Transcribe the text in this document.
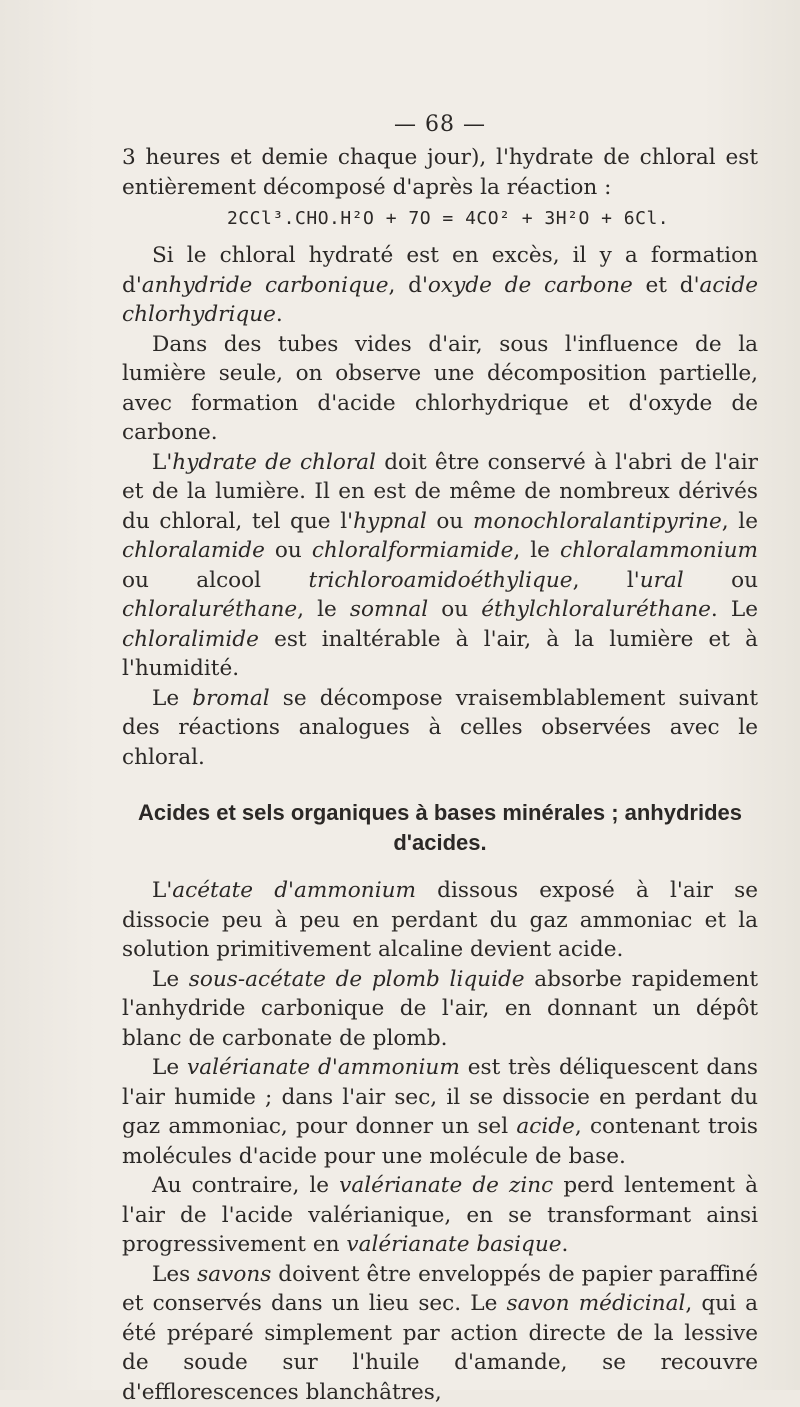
— 68 —

3 heures et demie chaque jour), l'hydrate de chloral est entièrement décomposé d'après la réaction :

2CCl³.CHO.H²O + 7O = 4CO² + 3H²O + 6Cl.

Si le chloral hydraté est en excès, il y a formation d'anhydride carbonique, d'oxyde de carbone et d'acide chlorhydrique.

Dans des tubes vides d'air, sous l'influence de la lumière seule, on observe une décomposition partielle, avec formation d'acide chlorhydrique et d'oxyde de carbone.

L'hydrate de chloral doit être conservé à l'abri de l'air et de la lumière. Il en est de même de nombreux dérivés du chloral, tel que l'hypnal ou monochloralantipyrine, le chloralamide ou chloralformiamide, le chloralammonium ou alcool trichloroamidoéthylique, l'ural ou chloraluréthane, le somnal ou éthylchloraluréthane. Le chloralimide est inaltérable à l'air, à la lumière et à l'humidité.

Le bromal se décompose vraisemblablement suivant des réactions analogues à celles observées avec le chloral.

Acides et sels organiques à bases minérales ; anhydrides d'acides.

L'acétate d'ammonium dissous exposé à l'air se dissocie peu à peu en perdant du gaz ammoniac et la solution primitivement alcaline devient acide.

Le sous-acétate de plomb liquide absorbe rapidement l'anhydride carbonique de l'air, en donnant un dépôt blanc de carbonate de plomb.

Le valérianate d'ammonium est très déliquescent dans l'air humide ; dans l'air sec, il se dissocie en perdant du gaz ammoniac, pour donner un sel acide, contenant trois molécules d'acide pour une molécule de base.

Au contraire, le valérianate de zinc perd lentement à l'air de l'acide valérianique, en se transformant ainsi progressivement en valérianate basique.

Les savons doivent être enveloppés de papier paraffiné et conservés dans un lieu sec. Le savon médicinal, qui a été préparé simplement par action directe de la lessive de soude sur l'huile d'amande, se recouvre d'efflorescences blanchâtres,
